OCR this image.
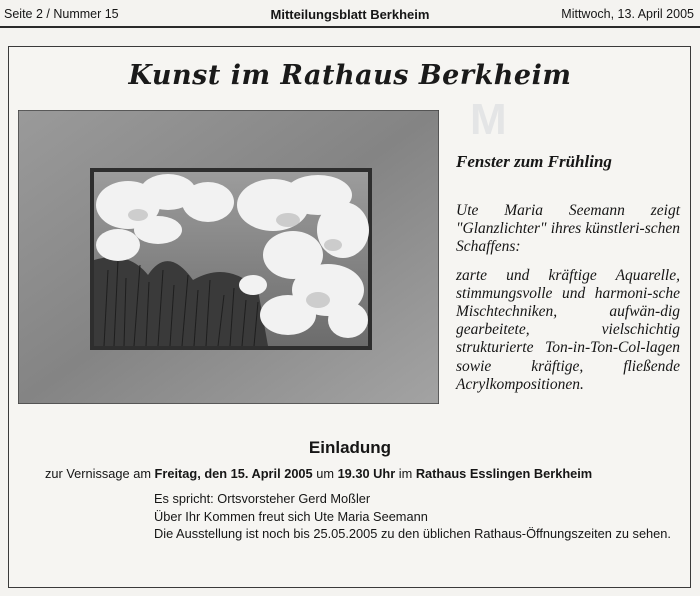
Seite 2 / Nummer 15	Mitteilungsblatt Berkheim	Mittwoch, 13. April 2005
M
Kunst im Rathaus Berkheim
Fenster zum Frühling

Ute Maria Seemann zeigt "Glanzlichter" ihres künstleri-schen Schaffens:

zarte und kräftige Aquarelle, stimmungsvolle und harmoni-sche Mischtechniken, aufwän-dig gearbeitete, vielschichtig strukturierte Ton-in-Ton-Col-lagen sowie kräftige, fließende Acrylkompositionen.

Einladung
zur Vernissage am Freitag, den 15. April 2005 um 19.30 Uhr im Rathaus Esslingen Berkheim
Es spricht: Ortsvorsteher Gerd Moßler
Über Ihr Kommen freut sich Ute Maria Seemann
Die Ausstellung ist noch bis 25.05.2005 zu den üblichen Rathaus-Öffnungszeiten zu sehen.
